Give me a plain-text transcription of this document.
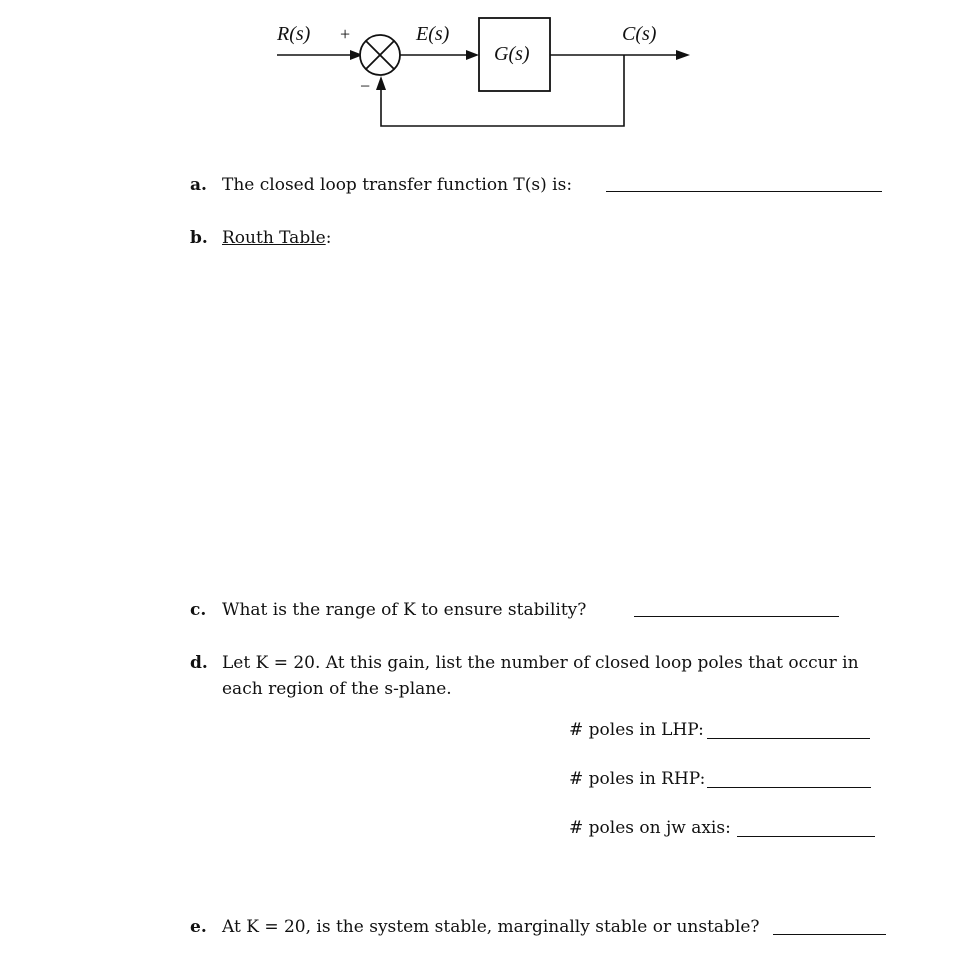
R(s) +
−
E(s)
G(s)
C(s)
a. The closed loop transfer function T(s) is:
b. Routh Table:
c. What is the range of K to ensure stability?
d. Let K = 20. At this gain, list the number of closed loop poles that occur in
each region of the s-plane.
# poles in LHP:
# poles in RHP:
# poles on jw axis:
e. At K = 20, is the system stable, marginally stable or unstable?
